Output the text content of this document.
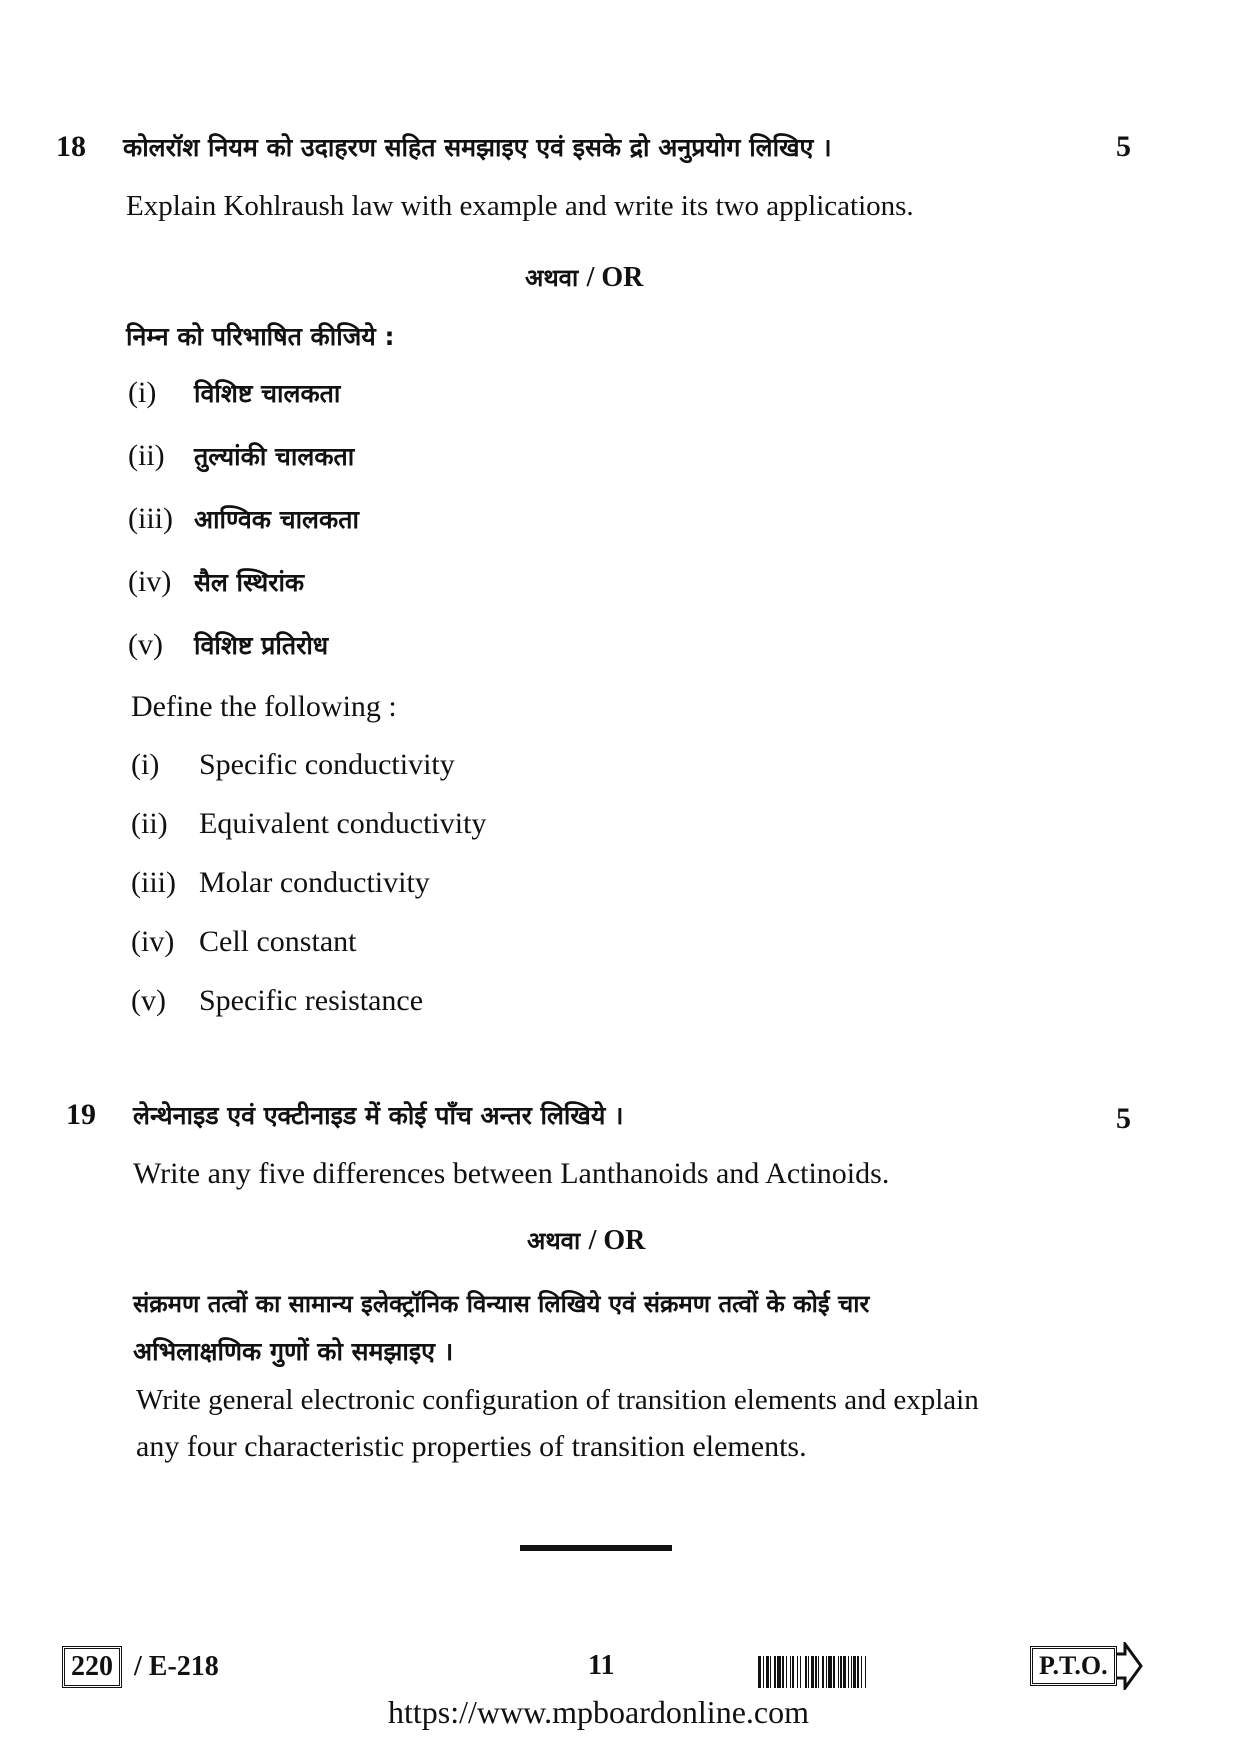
18 कोलरॉश नियम को उदाहरण सहित समझाइए एवं इसके द्रो अनुप्रयोग लिखिए ।	5
Explain Kohlraush law with example and write its two applications.
अथवा / OR
निम्न को परिभाषित कीजिये :
(i)	विशिष्ट चालकता
(ii)	तुल्यांकी चालकता
(iii) आण्विक चालकता
(iv) सैल स्थिरांक
(v)	विशिष्ट प्रतिरोध
Define the following :
(i)	Specific conductivity
(ii)	Equivalent conductivity
(iii) Molar conductivity
(iv) Cell constant
(v)	Specific resistance
19 लेन्थेनाइड एवं एक्टीनाइड में कोई पाँच अन्तर लिखिये ।	5
Write any five differences between Lanthanoids and Actinoids.
अथवा / OR
संक्रमण तत्वों का सामान्य इलेक्ट्रॉनिक विन्यास लिखिये एवं संक्रमण तत्वों के कोई चार
अभिलाक्षणिक गुणों को समझाइए ।
Write general electronic configuration of transition elements and explain
any four characteristic properties of transition elements.
220 / E-218	11	P.T.O.
https://www.mpboardonline.com
